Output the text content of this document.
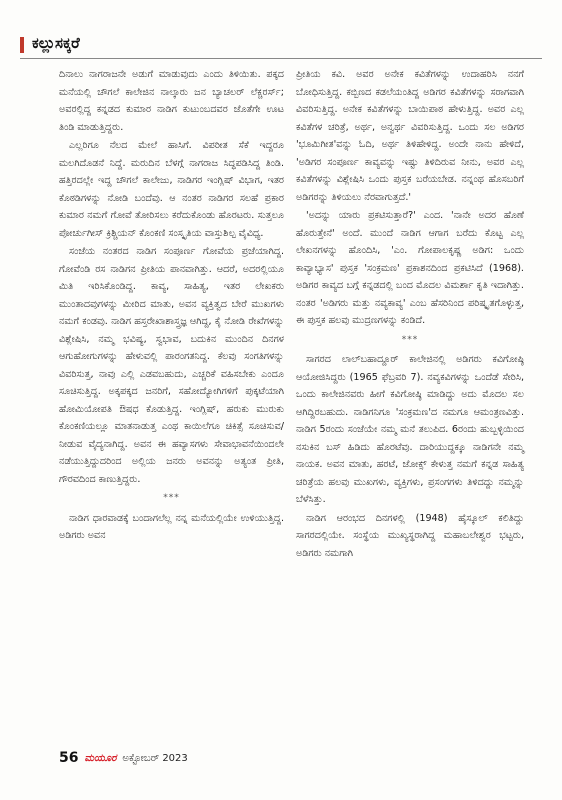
ಕಲ್ಲುಸಕ್ಕರೆ

ದಿನಾಲು ನಾಗರಾಜನೇ ಅಡುಗೆ ಮಾಡುವುದು ಎಂದು ತಿಳಿಯಿತು. ಪಕ್ಕದ ಮನೆಯಲ್ಲಿ ಚೌಗಲೆ ಕಾಲೇಜಿನ ನಾಲ್ಕಾರು ಜನ ಬ್ಯಾಚಲರ್ ಲೆಕ್ಚರರ್ಸ್; ಅವರಲ್ಲಿದ್ದ ಕನ್ನಡದ ಕುಮಾರ ನಾಡಿಗ ಕುಟುಂಬದವರ ಜೊತೆಗೇ ಊಟ ತಿಂಡಿ ಮಾಡುತ್ತಿದ್ದರು.

ಎಲ್ಲರಿಗೂ ನೆಲದ ಮೇಲೆ ಹಾಸಿಗೆ. ವಿಪರೀತ ಸೆಕೆ ಇದ್ದರೂ ಮಲಗಿದೊಡನೆ ನಿದ್ದೆ. ಮರುದಿನ ಬೆಳಗ್ಗೆ ನಾಗರಾಜ ಸಿದ್ಧಪಡಿಸಿದ್ದ ತಿಂಡಿ. ಹತ್ತಿರದಲ್ಲೇ ಇದ್ದ ಚೌಗಲೆ ಕಾಲೇಜು, ನಾಡಿಗರ ಇಂಗ್ಲಿಷ್ ವಿಭಾಗ, ಇತರ ಕೊಠಡಿಗಳನ್ನು ನೋಡಿ ಬಂದೆವು. ಆ ನಂತರ ನಾಡಿಗರ ಸಲಹೆ ಪ್ರಕಾರ ಕುಮಾರ ನಮಗೆ ಗೋವೆ ತೋರಿಸಲು ಕರೆದುಕೊಂಡು ಹೊರಟರು. ಸುತ್ತಲೂ ಪೋರ್ಚುಗೀಸ್ ಕ್ರಿಶ್ಚಿಯನ್ ಕೊಂಕಣಿ ಸಂಸ್ಕೃತಿಯ ವಾಸ್ತುಶಿಲ್ಪ ವೈವಿಧ್ಯ.

ಸಂಜೆಯ ನಂತರದ ನಾಡಿಗ ಸಂಪೂರ್ಣ ಗೋವೆಯ ಪ್ರಜೆಯಾಗಿದ್ದ. ಗೋವೆಂಡಿ ರಸ ನಾಡಿಗನ ಪ್ರೀತಿಯ ಪಾನವಾಗಿತ್ತು. ಆದರೆ, ಅದರಲ್ಲಿಯೂ ಮಿತಿ ಇರಿಸಿಕೊಂಡಿದ್ದ. ಕಾವ್ಯ, ಸಾಹಿತ್ಯ, ಇತರ ಲೇಖಕರು ಮುಂತಾದವುಗಳನ್ನು ಮೀರಿದ ಮಾತು, ಅವನ ವ್ಯಕ್ತಿತ್ವದ ಬೇರೆ ಮುಖಗಳು ನಮಗೆ ಕಂಡವು. ನಾಡಿಗ ಹಸ್ತರೇಖಾಶಾಸ್ತ್ರಜ್ಞ ಆಗಿದ್ದ, ಕೈ ನೋಡಿ ರೇಖೆಗಳನ್ನು ವಿಶ್ಲೇಷಿಸಿ, ನಮ್ಮ ಭವಿಷ್ಯ, ಸ್ವಭಾವ, ಬದುಕಿನ ಮುಂದಿನ ದಿನಗಳ ಆಗುಹೋಗುಗಳನ್ನು ಹೇಳುವಲ್ಲಿ ಪಾರಂಗತನಿದ್ದ. ಕೆಲವು ಸಂಗತಿಗಳನ್ನು ವಿವರಿಸುತ್ತ, ನಾವು ಎಲ್ಲಿ ಎಡವಬಹುದು, ಎಚ್ಚರಿಕೆ ವಹಿಸಬೇಕು ಎಂದೂ ಸೂಚಿಸುತ್ತಿದ್ದ. ಅಕ್ಕಪಕ್ಕದ ಜನರಿಗೆ, ಸಹೋದ್ಯೋಗಿಗಳಿಗೆ ಪುಕ್ಕಟೆಯಾಗಿ ಹೋಮಿಯೋಪತಿ ಔಷಧ ಕೊಡುತ್ತಿದ್ದ. ಇಂಗ್ಲಿಷ್, ಹರುಕು ಮುರುಕು ಕೊಂಕಣಿಯಲ್ಲೂ ಮಾತನಾಡುತ್ತ ಎಂಥ ಕಾಯಿಲೆಗೂ ಚಿಕಿತ್ಸೆ ಸೂಚಿಸುವ/ ನೀಡುವ ವೈದ್ಯನಾಗಿದ್ದ. ಅವನ ಈ ಹವ್ಯಾಸಗಳು ಸೇವಾಭಾವನೆಯಿಂದಲೇ ನಡೆಯುತ್ತಿದ್ದುದರಿಂದ ಅಲ್ಲಿಯ ಜನರು ಅವನನ್ನು ಅತ್ಯಂತ ಪ್ರೀತಿ, ಗೌರವದಿಂದ ಕಾಣುತ್ತಿದ್ದರು.

***

ನಾಡಿಗ ಧಾರವಾಡಕ್ಕೆ ಬಂದಾಗಲೆಲ್ಲ ನನ್ನ ಮನೆಯಲ್ಲಿಯೇ ಉಳಿಯುತ್ತಿದ್ದ. ಅಡಿಗರು ಅವನ

ಪ್ರೀತಿಯ ಕವಿ. ಅವರ ಅನೇಕ ಕವಿತೆಗಳನ್ನು ಉದಾಹರಿಸಿ ನನಗೆ ಬೋಧಿಸುತ್ತಿದ್ದ. ಕಬ್ಬಿಣದ ಕಡಲೆಯಂತಿದ್ದ ಅಡಿಗರ ಕವಿತೆಗಳನ್ನು ಸರಾಗವಾಗಿ ವಿವರಿಸುತ್ತಿದ್ದ. ಅನೇಕ ಕವಿತೆಗಳನ್ನು ಬಾಯಿಪಾಠ ಹೇಳುತ್ತಿದ್ದ. ಅವರ ಎಲ್ಲ ಕವಿತೆಗಳ ಚರಿತ್ರೆ, ಅರ್ಥ, ಅನ್ವರ್ಥ ವಿವರಿಸುತ್ತಿದ್ದ. ಒಂದು ಸಲ ಅಡಿಗರ 'ಭೂಮಿಗೀತ'ವನ್ನು ಓದಿ, ಅರ್ಥ ತಿಳಿಹೇಳಿದ್ದ. ಅಂದೇ ನಾನು ಹೇಳಿದೆ, 'ಅಡಿಗರ ಸಂಪೂರ್ಣ ಕಾವ್ಯವನ್ನು ಇಷ್ಟು ತಿಳಿದಿರುವ ನೀನು, ಅವರ ಎಲ್ಲ ಕವಿತೆಗಳನ್ನು ವಿಶ್ಲೇಷಿಸಿ ಒಂದು ಪುಸ್ತಕ ಬರೆಯಬೇಡ. ನನ್ನಂಥ ಹೊಸಬರಿಗೆ ಅಡಿಗರನ್ನು ತಿಳಿಯಲು ನೆರವಾಗುತ್ತದೆ.'

'ಅದನ್ನು ಯಾರು ಪ್ರಕಟಿಸುತ್ತಾರೆ?' ಎಂದ. 'ನಾನೇ ಅದರ ಹೊಣೆ ಹೊರುತ್ತೇನೆ' ಅಂದೆ. ಮುಂದೆ ನಾಡಿಗ ಆಗಾಗ ಬರೆದು ಕೊಟ್ಟ ಎಲ್ಲ ಲೇಖನಗಳನ್ನು ಹೊಂದಿಸಿ, 'ಎಂ. ಗೋಪಾಲಕೃಷ್ಣ ಅಡಿಗ: ಒಂದು ಕಾವ್ಯಾಭ್ಯಾಸ' ಪುಸ್ತಕ 'ಸಂಕ್ರಮಣ' ಪ್ರಕಾಶನದಿಂದ ಪ್ರಕಟಿಸಿದೆ (1968). ಅಡಿಗರ ಕಾವ್ಯದ ಬಗ್ಗೆ ಕನ್ನಡದಲ್ಲಿ ಬಂದ ಮೊದಲ ವಿಮರ್ಶಾ ಕೃತಿ ಇದಾಗಿತ್ತು. ನಂತರ 'ಅಡಿಗರು ಮತ್ತು ನವ್ಯಕಾವ್ಯ' ಎಂಬ ಹೆಸರಿನಿಂದ ಪರಿಷ್ಕೃತಗೊಳ್ಳುತ್ತ, ಈ ಪುಸ್ತಕ ಹಲವು ಮುದ್ರಣಗಳನ್ನು ಕಂಡಿದೆ.

***

ಸಾಗರದ ಲಾಲ್‌ಬಹಾದ್ದೂರ್ ಕಾಲೇಜಿನಲ್ಲಿ ಅಡಿಗರು ಕವಿಗೋಷ್ಠಿ ಆಯೋಜಿಸಿದ್ದರು (1965 ಫೆಬ್ರವರಿ 7). ನವ್ಯಕವಿಗಳನ್ನು ಒಂದೆಡೆ ಸೇರಿಸಿ, ಒಂದು ಕಾಲೇಜಿನವರು ಹೀಗೆ ಕವಿಗೋಷ್ಠಿ ಮಾಡಿದ್ದು ಅದು ಮೊದಲ ಸಲ ಆಗಿದ್ದಿರಬಹುದು. ನಾಡಿಗನಿಗೂ 'ಸಂಕ್ರಮಣ'ದ ನಮಗೂ ಆಮಂತ್ರಣವಿತ್ತು. ನಾಡಿಗ 5ರಂದು ಸಂಜೆಯೇ ನಮ್ಮ ಮನೆ ತಲುಪಿದ. 6ರಂದು ಹುಬ್ಬಳ್ಳಿಯಿಂದ ನಸುಕಿನ ಬಸ್ ಹಿಡಿದು ಹೊರಟೆವು. ದಾರಿಯುದ್ದಕ್ಕೂ ನಾಡಿಗನೇ ನಮ್ಮ ನಾಯಕ. ಅವನ ಮಾತು, ಹರಟೆ, ಜೋಕ್ಸ್ ಕೇಳುತ್ತ ನಮಗೆ ಕನ್ನಡ ಸಾಹಿತ್ಯ ಚರಿತ್ರೆಯ ಹಲವು ಮುಖಗಳು, ವ್ಯಕ್ತಿಗಳು, ಪ್ರಸಂಗಗಳು ತಿಳಿದದ್ದು ನಮ್ಮನ್ನು ಬೆಳೆಸಿತ್ತು.

ನಾಡಿಗ ಆರಂಭದ ದಿನಗಳಲ್ಲಿ (1948) ಹೈಸ್ಕೂಲ್ ಕಲಿತಿದ್ದು ಸಾಗರದಲ್ಲಿಯೇ. ಸಂಸ್ಥೆಯ ಮುಖ್ಯಸ್ಥರಾಗಿದ್ದ ಮಹಾಬಲೇಶ್ವರ ಭಟ್ಟರು, ಅಡಿಗರು ನಮಗಾಗಿ

56 ಮಯೂರ ಅಕ್ಟೋಬರ್ 2023
